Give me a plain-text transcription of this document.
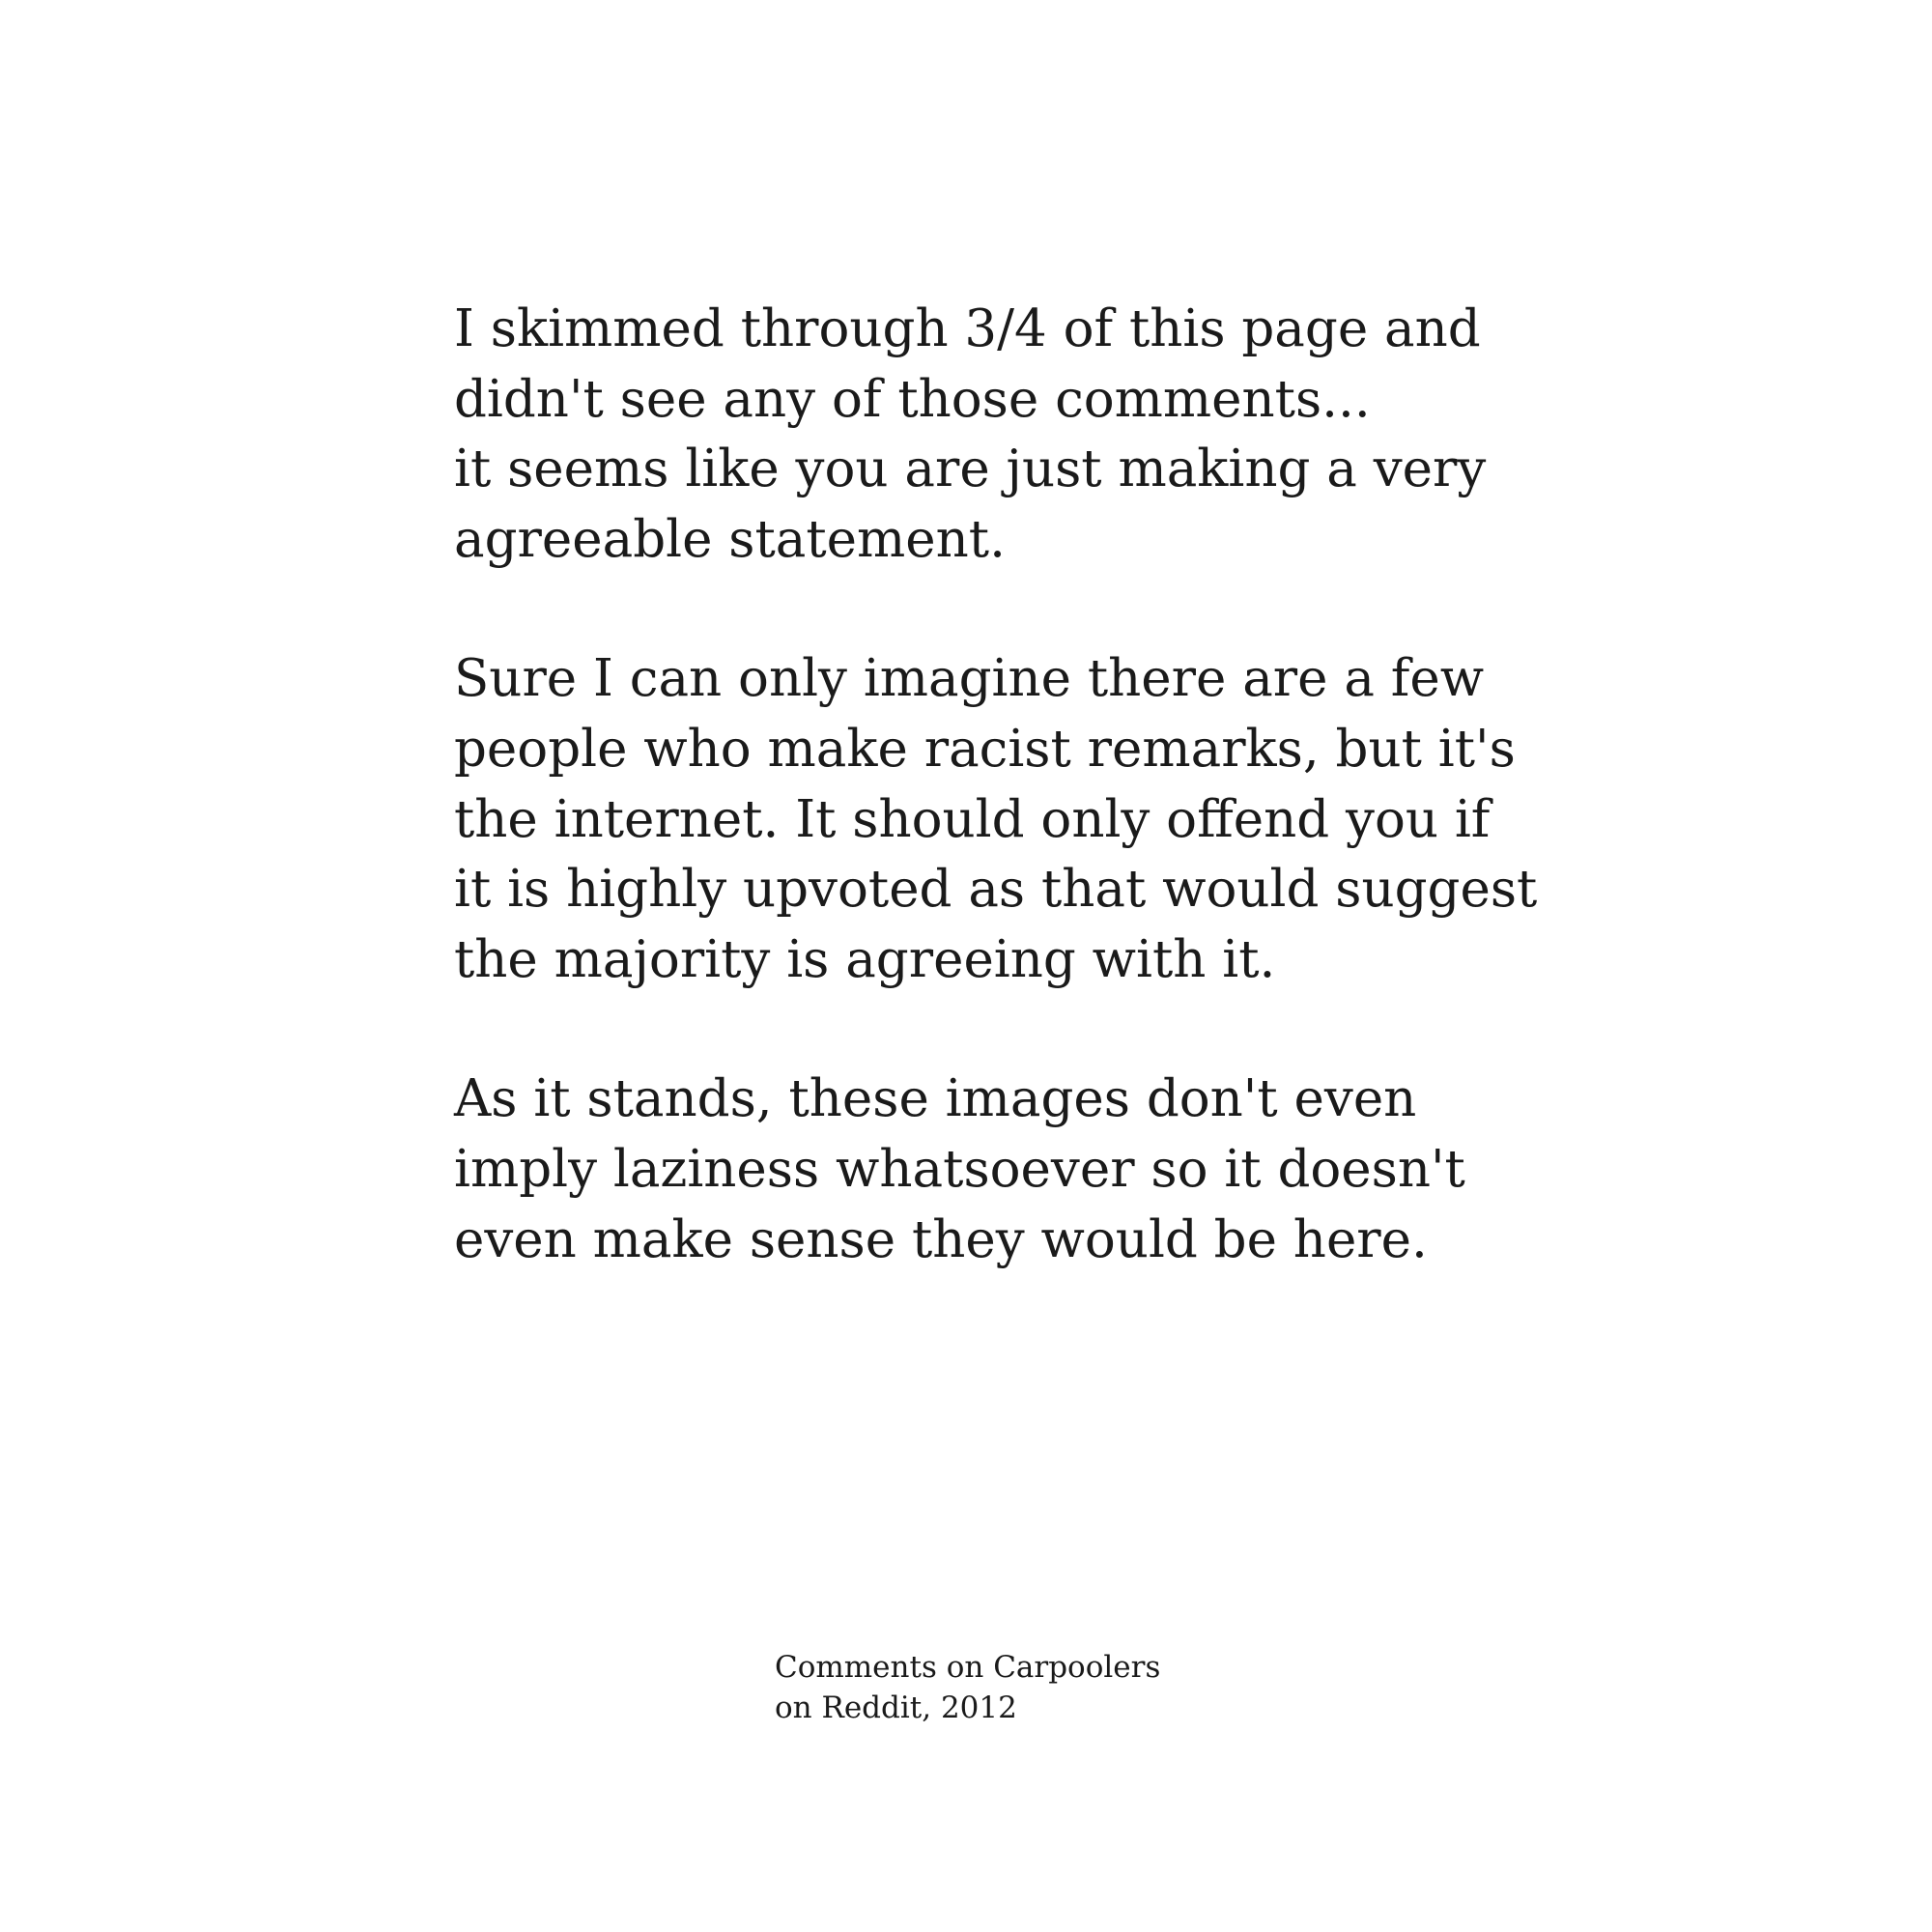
I skimmed through 3/4 of this page and
didn't see any of those comments...
it seems like you are just making a very
agreeable statement.

Sure I can only imagine there are a few
people who make racist remarks, but it's
the internet. It should only offend you if
it is highly upvoted as that would suggest
the majority is agreeing with it.

As it stands, these images don't even
imply laziness whatsoever so it doesn't
even make sense they would be here.

Comments on Carpoolers
on Reddit, 2012
